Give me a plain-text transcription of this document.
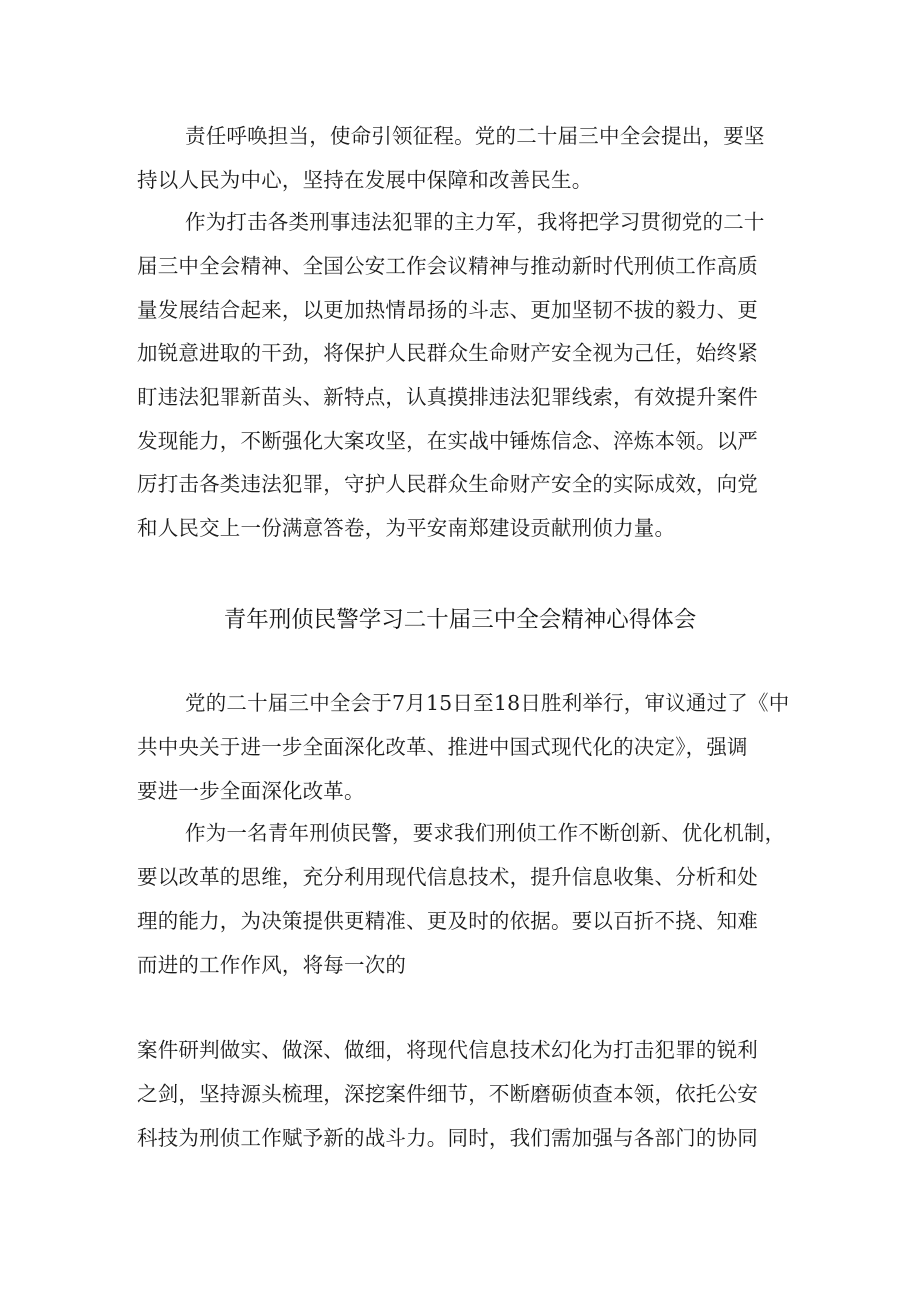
责任呼唤担当，使命引领征程。党的二十届三中全会提出，要坚
持以人民为中心，坚持在发展中保障和改善民生。
作为打击各类刑事违法犯罪的主力军，我将把学习贯彻党的二十
届三中全会精神、全国公安工作会议精神与推动新时代刑侦工作高质
量发展结合起来，以更加热情昂扬的斗志、更加坚韧不拔的毅力、更
加锐意进取的干劲，将保护人民群众生命财产安全视为己任，始终紧
盯违法犯罪新苗头、新特点，认真摸排违法犯罪线索，有效提升案件
发现能力，不断强化大案攻坚，在实战中锤炼信念、淬炼本领。以严
厉打击各类违法犯罪，守护人民群众生命财产安全的实际成效，向党
和人民交上一份满意答卷，为平安南郑建设贡献刑侦力量。
青年刑侦民警学习二十届三中全会精神心得体会
党的二十届三中全会于7月15日至18日胜利举行，审议通过了《中
共中央关于进一步全面深化改革、推进中国式现代化的决定》，强调
要进一步全面深化改革。
作为一名青年刑侦民警，要求我们刑侦工作不断创新、优化机制，
要以改革的思维，充分利用现代信息技术，提升信息收集、分析和处
理的能力，为决策提供更精准、更及时的依据。要以百折不挠、知难
而进的工作作风，将每一次的
案件研判做实、做深、做细，将现代信息技术幻化为打击犯罪的锐利
之剑，坚持源头梳理，深挖案件细节，不断磨砺侦查本领，依托公安
科技为刑侦工作赋予新的战斗力。同时，我们需加强与各部门的协同
